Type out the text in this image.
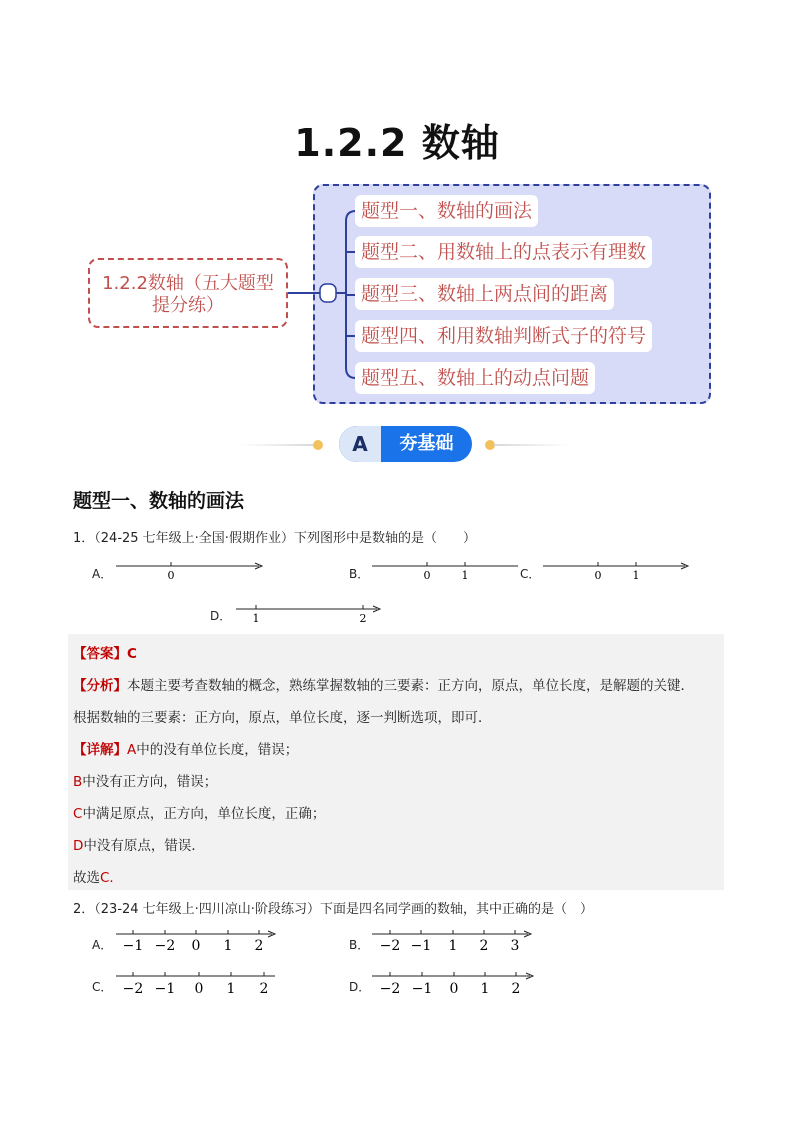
1.2.2 数轴
1.2.2数轴（五大题型
提分练）
题型一、数轴的画法
题型二、用数轴上的点表示有理数
题型三、数轴上两点间的距离
题型四、利用数轴判断式子的符号
题型五、数轴上的动点问题
A	夯基础
题型一、数轴的画法
1．（24-25 七年级上·全国·假期作业）下列图形中是数轴的是（　　）
A．	B．	C．
D．
0	0	1	0	1
1	2
【答案】C
【分析】本题主要考查数轴的概念，熟练掌握数轴的三要素：正方向，原点，单位长度，是解题的关键．
根据数轴的三要素：正方向，原点，单位长度，逐一判断选项，即可．
【详解】A中的没有单位长度，错误；
B中没有正方向，错误；
C中满足原点，正方向，单位长度，正确；
D中没有原点，错误．
故选C．
2．（23-24 七年级上·四川凉山·阶段练习）下面是四名同学画的数轴，其中正确的是（　）
A．	B．
C．	D．
−1 −2 0 1 2	−2 −1 1 2 3
−2 −1 0 1 2	−2 −1 0 1 2
